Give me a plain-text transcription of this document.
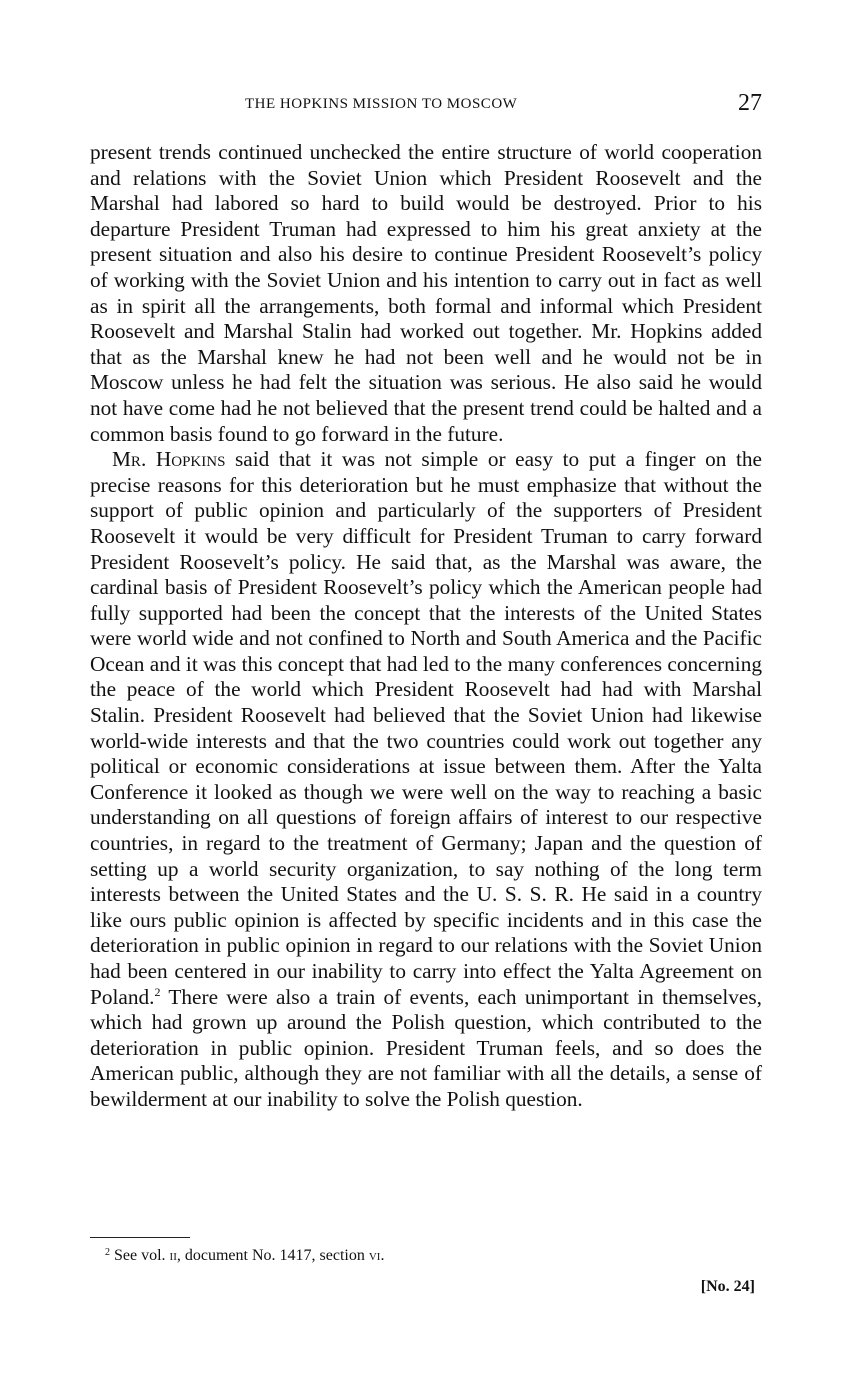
THE HOPKINS MISSION TO MOSCOW	27

present trends continued unchecked the entire structure of world cooperation and relations with the Soviet Union which President Roosevelt and the Marshal had labored so hard to build would be destroyed. Prior to his departure President Truman had expressed to him his great anxiety at the present situation and also his desire to continue President Roosevelt’s policy of working with the Soviet Union and his intention to carry out in fact as well as in spirit all the arrangements, both formal and informal which President Roosevelt and Marshal Stalin had worked out together. Mr. Hopkins added that as the Marshal knew he had not been well and he would not be in Moscow unless he had felt the situation was serious. He also said he would not have come had he not believed that the present trend could be halted and a common basis found to go forward in the future.

Mr. Hopkins said that it was not simple or easy to put a finger on the precise reasons for this deterioration but he must emphasize that without the support of public opinion and particularly of the supporters of President Roosevelt it would be very difficult for President Truman to carry forward President Roosevelt’s policy. He said that, as the Marshal was aware, the cardinal basis of President Roosevelt’s policy which the American people had fully supported had been the concept that the interests of the United States were world wide and not confined to North and South America and the Pacific Ocean and it was this concept that had led to the many conferences concerning the peace of the world which President Roosevelt had had with Marshal Stalin. President Roosevelt had believed that the Soviet Union had likewise world-wide interests and that the two countries could work out together any political or economic considerations at issue between them. After the Yalta Conference it looked as though we were well on the way to reaching a basic understanding on all questions of foreign affairs of interest to our respective countries, in regard to the treatment of Germany; Japan and the question of setting up a world security organization, to say nothing of the long term interests between the United States and the U. S. S. R. He said in a country like ours public opinion is affected by specific incidents and in this case the deterioration in public opinion in regard to our relations with the Soviet Union had been centered in our inability to carry into effect the Yalta Agreement on Poland.$^2$ There were also a train of events, each unimportant in themselves, which had grown up around the Polish question, which contributed to the deterioration in public opinion. President Truman feels, and so does the American public, although they are not familiar with all the details, a sense of bewilderment at our inability to solve the Polish question.

$^2$ See vol. ii, document No. 1417, section vi.
[No. 24]
